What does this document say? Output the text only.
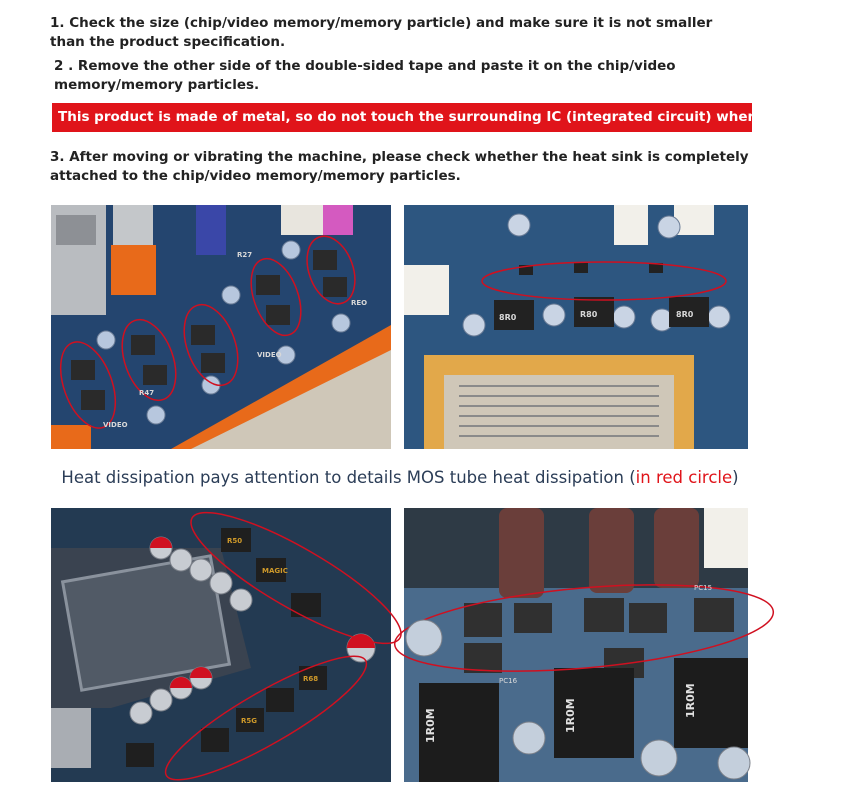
1. Check the size (chip/video memory/memory particle) and make sure it is not smaller than the product specification.
2 . Remove the other side of the double-sided tape and paste it on the chip/video memory/memory particles.
This product is made of metal, so do not touch the surrounding IC (integrated circuit) when installing it.
3. After moving or vibrating the machine, please check whether the heat sink is completely attached to the chip/video memory/memory particles.
R27
REO
R47
VIDEO
VIDEO
8R0	R80	8R0
Heat dissipation pays attention to details MOS tube heat dissipation (in red circle)
R50
MAGIC
R5G
R68
1R0M	1R0M	1R0M
PC16
PC15
